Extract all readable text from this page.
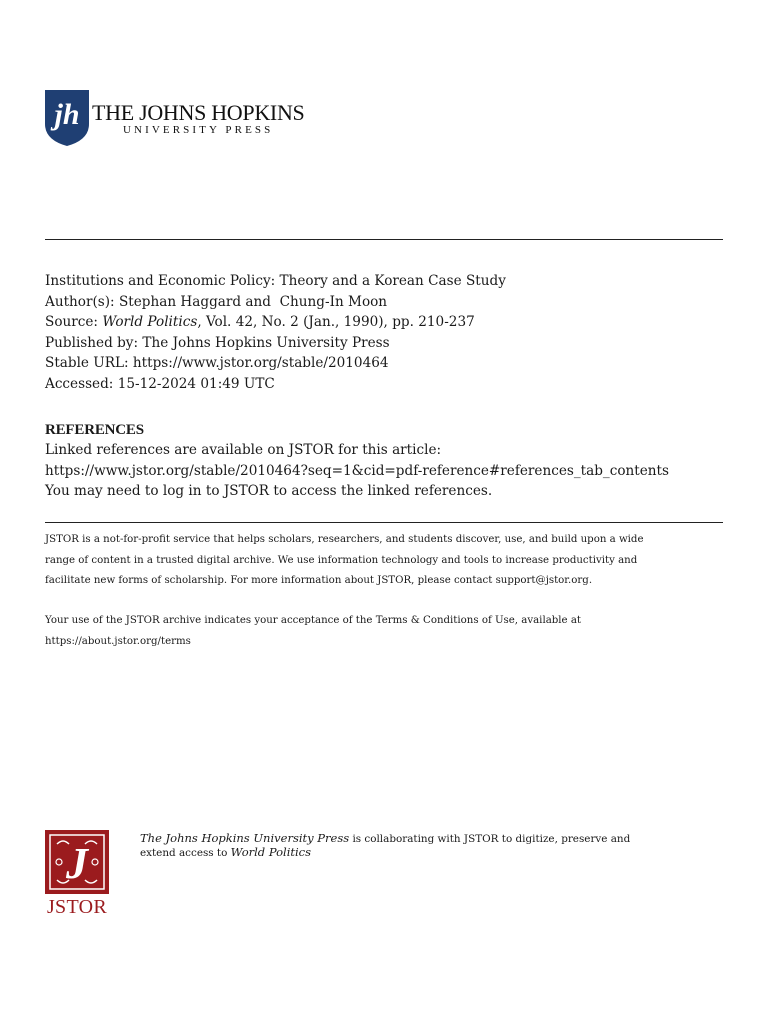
jh THE JOHNS HOPKINS
UNIVERSITY PRESS
Institutions and Economic Policy: Theory and a Korean Case Study
Author(s): Stephan Haggard and  Chung-In Moon
Source: World Politics, Vol. 42, No. 2 (Jan., 1990), pp. 210-237
Published by: The Johns Hopkins University Press
Stable URL: https://www.jstor.org/stable/2010464
Accessed: 15-12-2024 01:49 UTC
REFERENCES
Linked references are available on JSTOR for this article:
https://www.jstor.org/stable/2010464?seq=1&cid=pdf-reference#references_tab_contents
You may need to log in to JSTOR to access the linked references.
JSTOR is a not-for-profit service that helps scholars, researchers, and students discover, use, and build upon a wide
range of content in a trusted digital archive. We use information technology and tools to increase productivity and
facilitate new forms of scholarship. For more information about JSTOR, please contact support@jstor.org.
Your use of the JSTOR archive indicates your acceptance of the Terms & Conditions of Use, available at
https://about.jstor.org/terms
J
JSTOR
The Johns Hopkins University Press is collaborating with JSTOR to digitize, preserve and
extend access to World Politics
